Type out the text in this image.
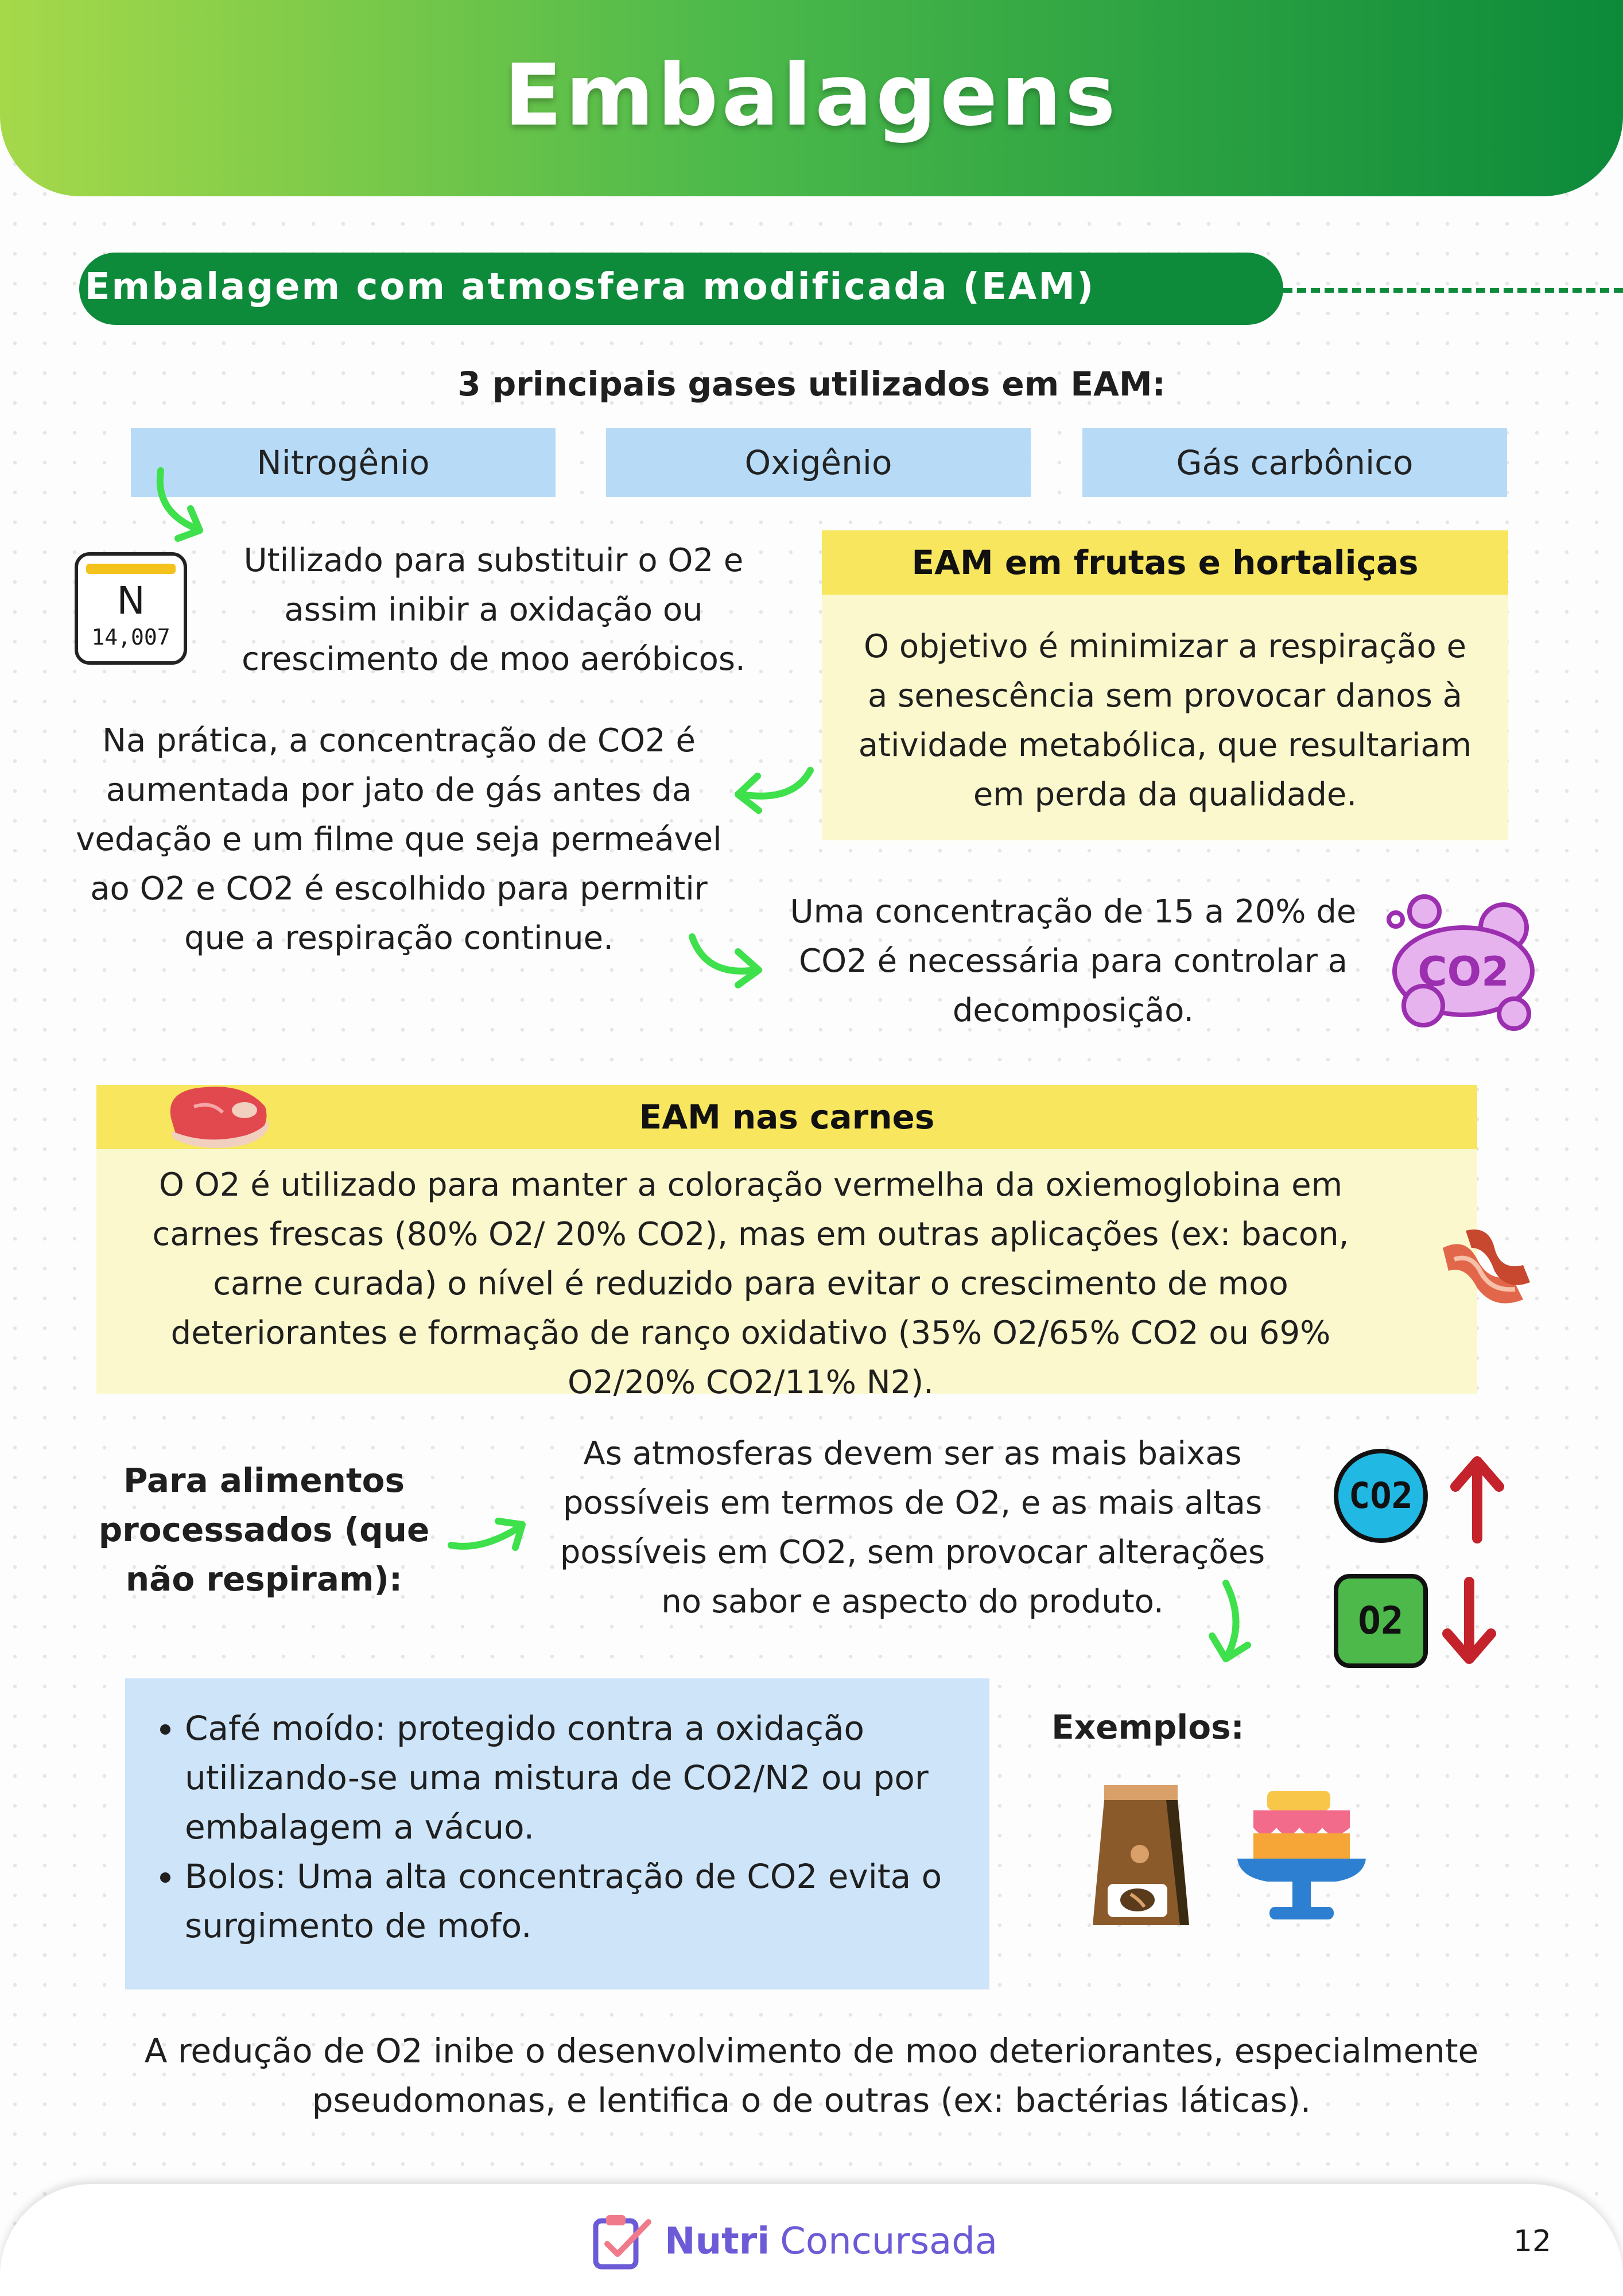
Embalagens
Embalagem com atmosfera modificada (EAM)
3 principais gases utilizados em EAM:
Nitrogênio	Oxigênio	Gás carbônico
N
14,007
Utilizado para substituir o O2 e assim inibir a oxidação ou crescimento de moo aeróbicos.
EAM em frutas e hortaliças
O objetivo é minimizar a respiração e a senescência sem provocar danos à atividade metabólica, que resultariam em perda da qualidade.
Na prática, a concentração de CO2 é aumentada por jato de gás antes da vedação e um filme que seja permeável ao O2 e CO2 é escolhido para permitir que a respiração continue.
Uma concentração de 15 a 20% de CO2 é necessária para controlar a decomposição.
CO2
EAM nas carnes
O O2 é utilizado para manter a coloração vermelha da oxiemoglobina em carnes frescas (80% O2/ 20% CO2), mas em outras aplicações (ex: bacon, carne curada) o nível é reduzido para evitar o crescimento de moo deteriorantes e formação de ranço oxidativo (35% O2/65% CO2 ou 69% O2/20% CO2/11% N2).
Para alimentos processados (que não respiram):
As atmosferas devem ser as mais baixas possíveis em termos de O2, e as mais altas possíveis em CO2, sem provocar alterações no sabor e aspecto do produto.
CO2
O2
• Café moído: protegido contra a oxidação utilizando-se uma mistura de CO2/N2 ou por embalagem a vácuo.
• Bolos: Uma alta concentração de CO2 evita o surgimento de mofo.
Exemplos:
A redução de O2 inibe o desenvolvimento de moo deteriorantes, especialmente pseudomonas, e lentifica o de outras (ex: bactérias láticas).
Nutri Concursada	12
